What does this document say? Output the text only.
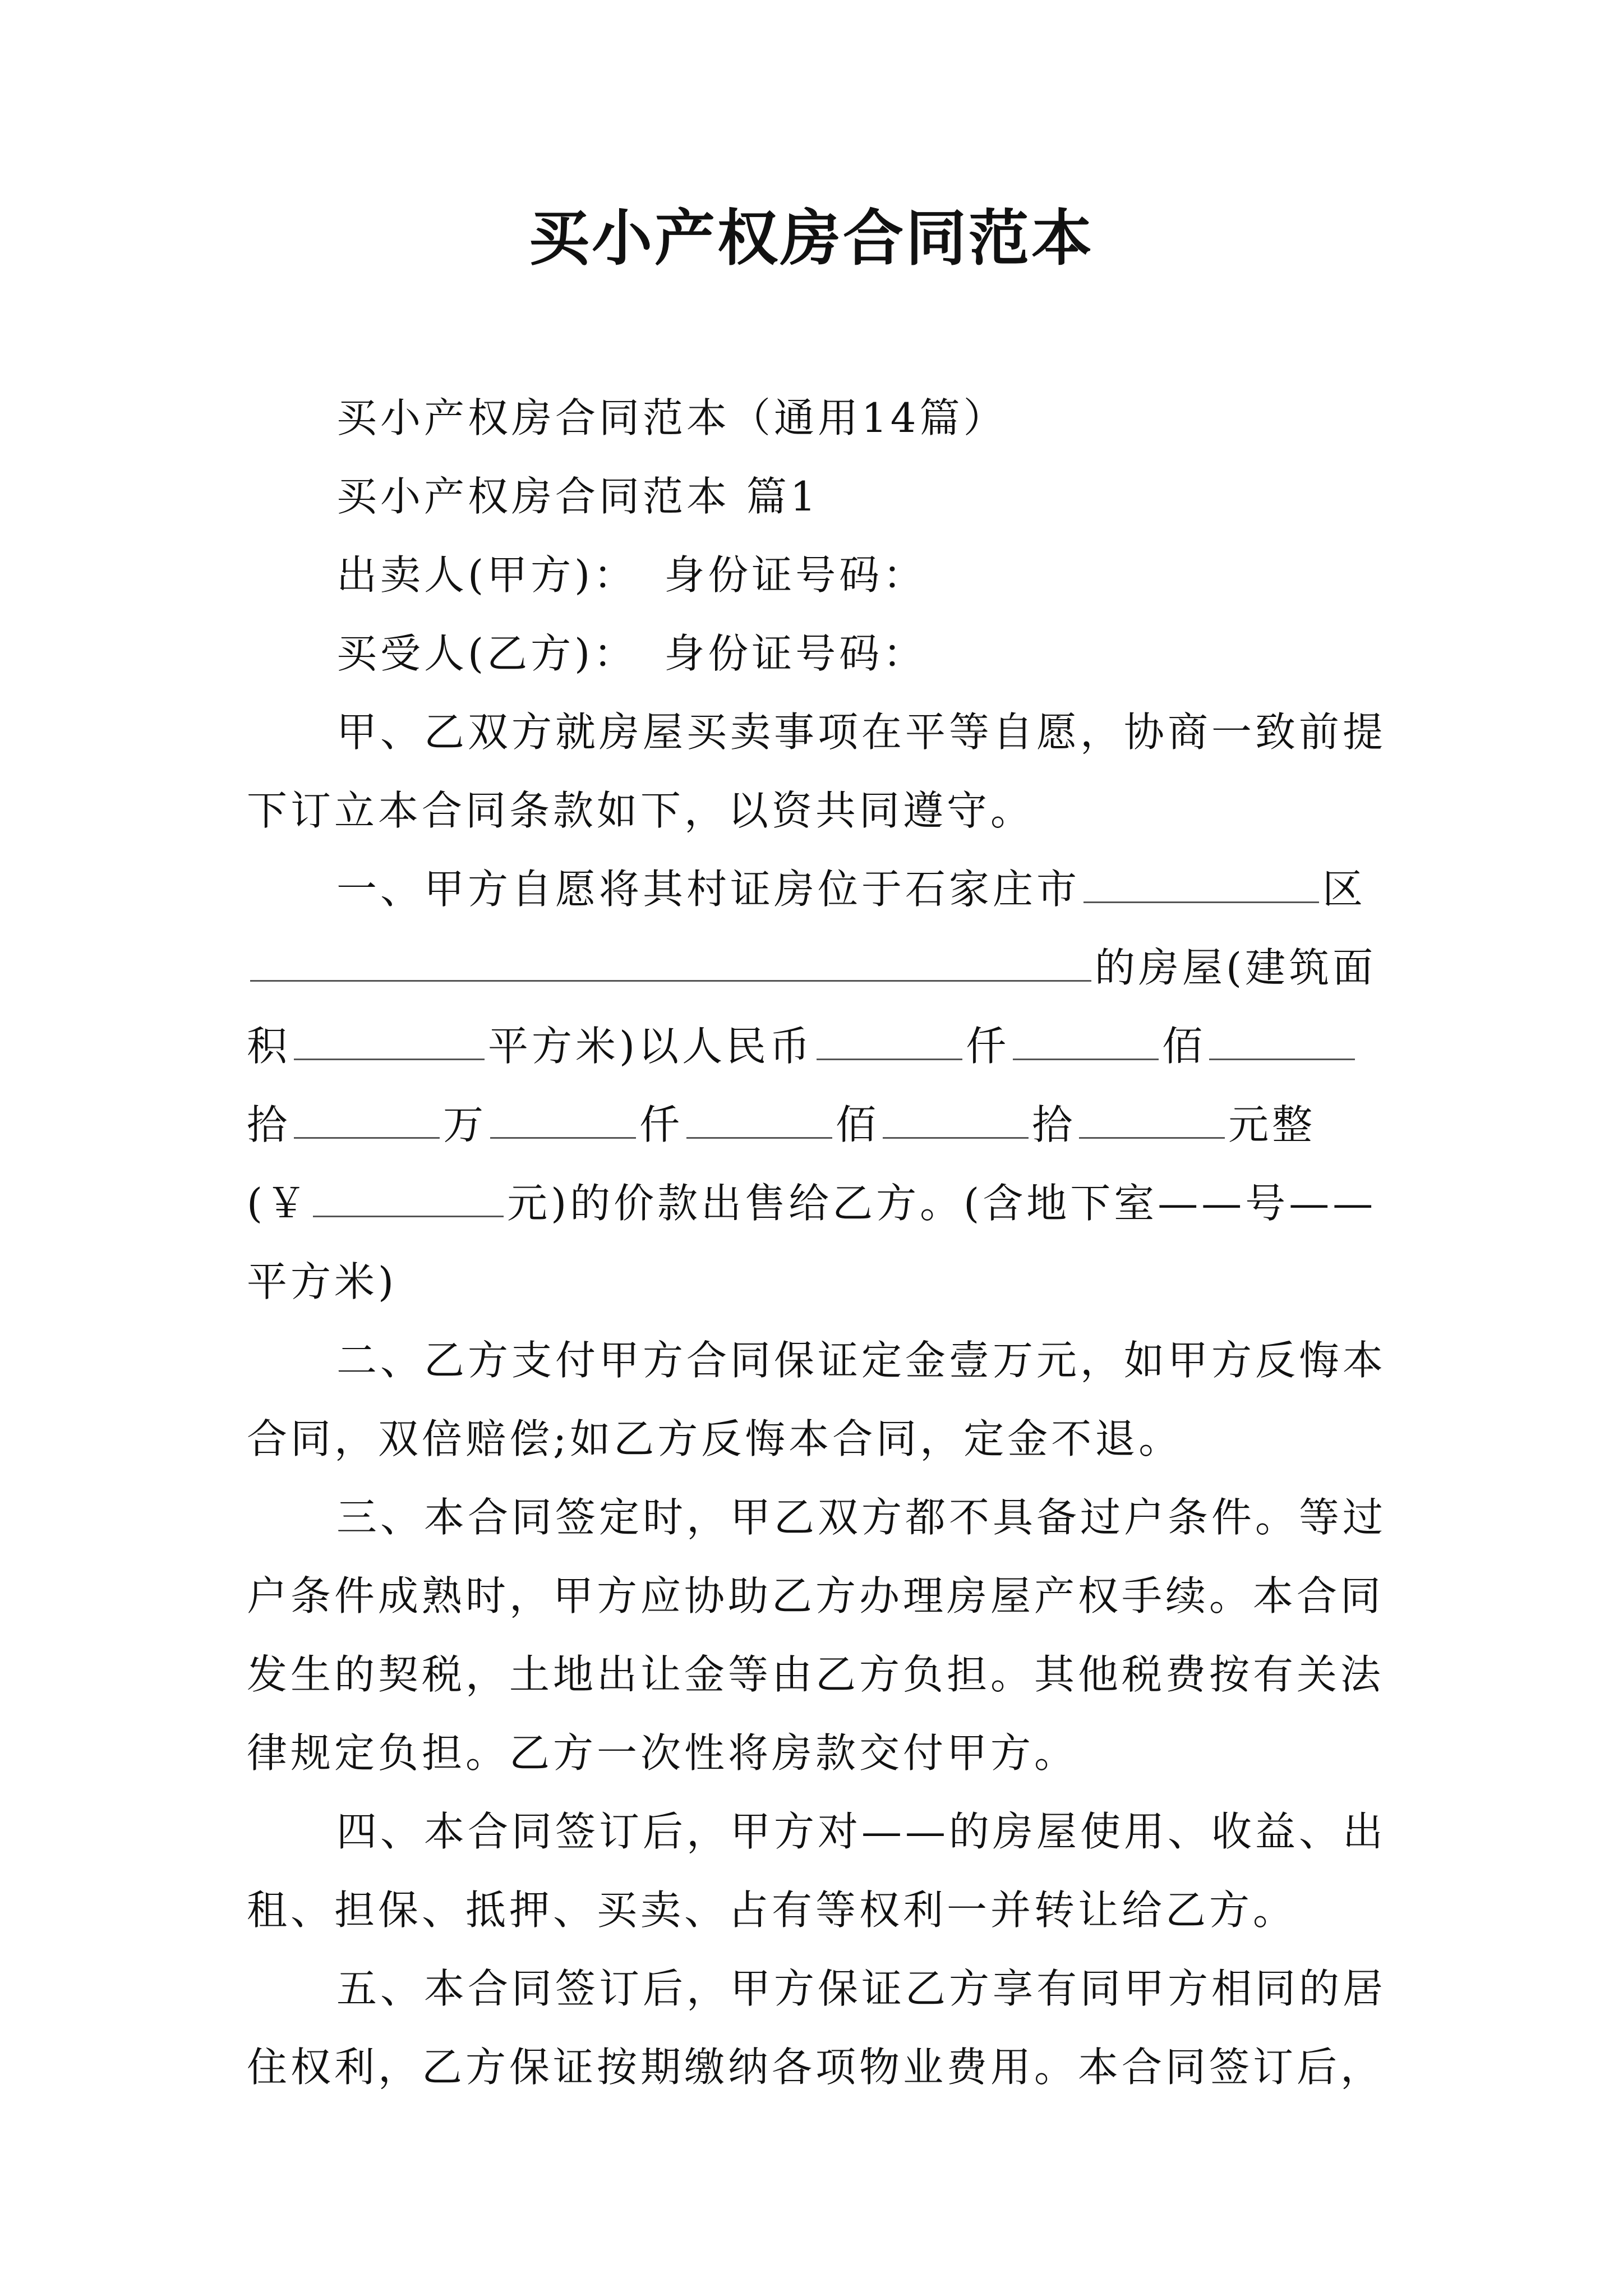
买小产权房合同范本

买小产权房合同范本（通用14篇）

买小产权房合同范本 篇1

出卖人(甲方)： 身份证号码：

买受人(乙方)： 身份证号码：

甲、乙双方就房屋买卖事项在平等自愿，协商一致前提

下订立本合同条款如下，以资共同遵守。

一、甲方自愿将其村证房位于石家庄市	区

的房屋(建筑面

积	平方米)以人民币	仟	佰

拾	万	仟	佰	拾	元整

(￥	元)的价款出售给乙方。(含地下室——号——

平方米)

二、乙方支付甲方合同保证定金壹万元，如甲方反悔本

合同，双倍赔偿;如乙方反悔本合同，定金不退。

三、本合同签定时，甲乙双方都不具备过户条件。等过

户条件成熟时，甲方应协助乙方办理房屋产权手续。本合同

发生的契税，土地出让金等由乙方负担。其他税费按有关法

律规定负担。乙方一次性将房款交付甲方。

四、本合同签订后，甲方对——的房屋使用、收益、出

租、担保、抵押、买卖、占有等权利一并转让给乙方。

五、本合同签订后，甲方保证乙方享有同甲方相同的居

住权利，乙方保证按期缴纳各项物业费用。本合同签订后，
